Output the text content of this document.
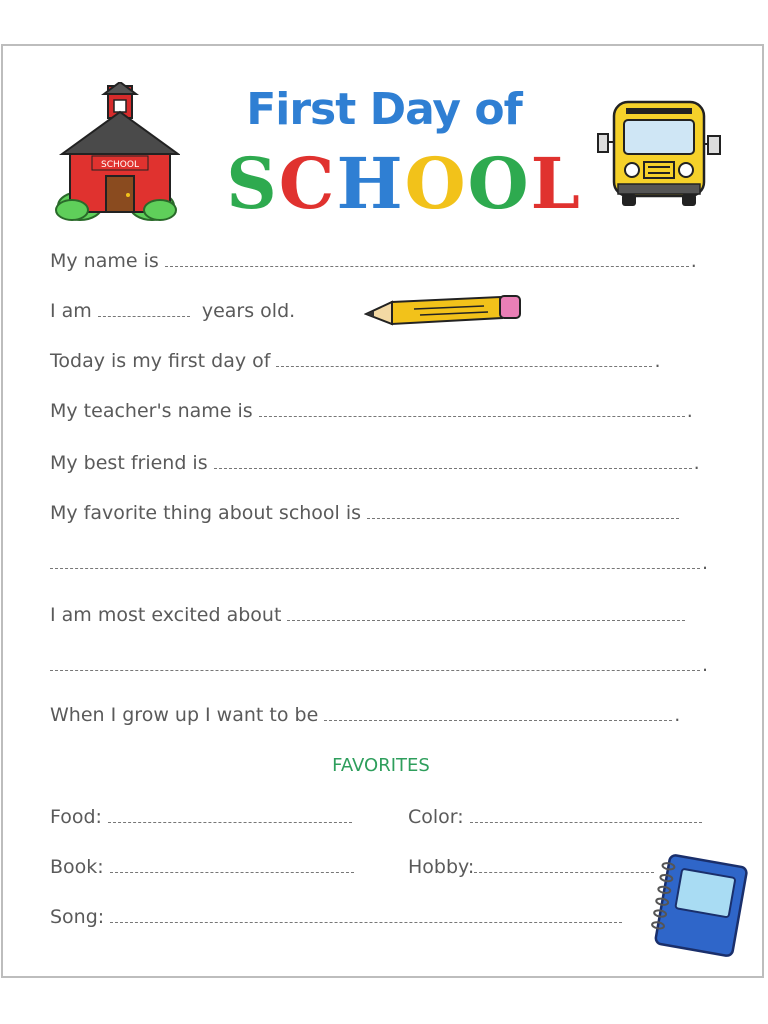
SCHOOL
First Day of
SCHOOL
My name is	.
I am	years old.
Today is my first day of	.
My teacher's name is	.
My best friend is	.
My favorite thing about school is
.
I am most excited about
.
When I grow up I want to be	.
FAVORITES
Food:	Color:
Book:	Hobby:
Song:
